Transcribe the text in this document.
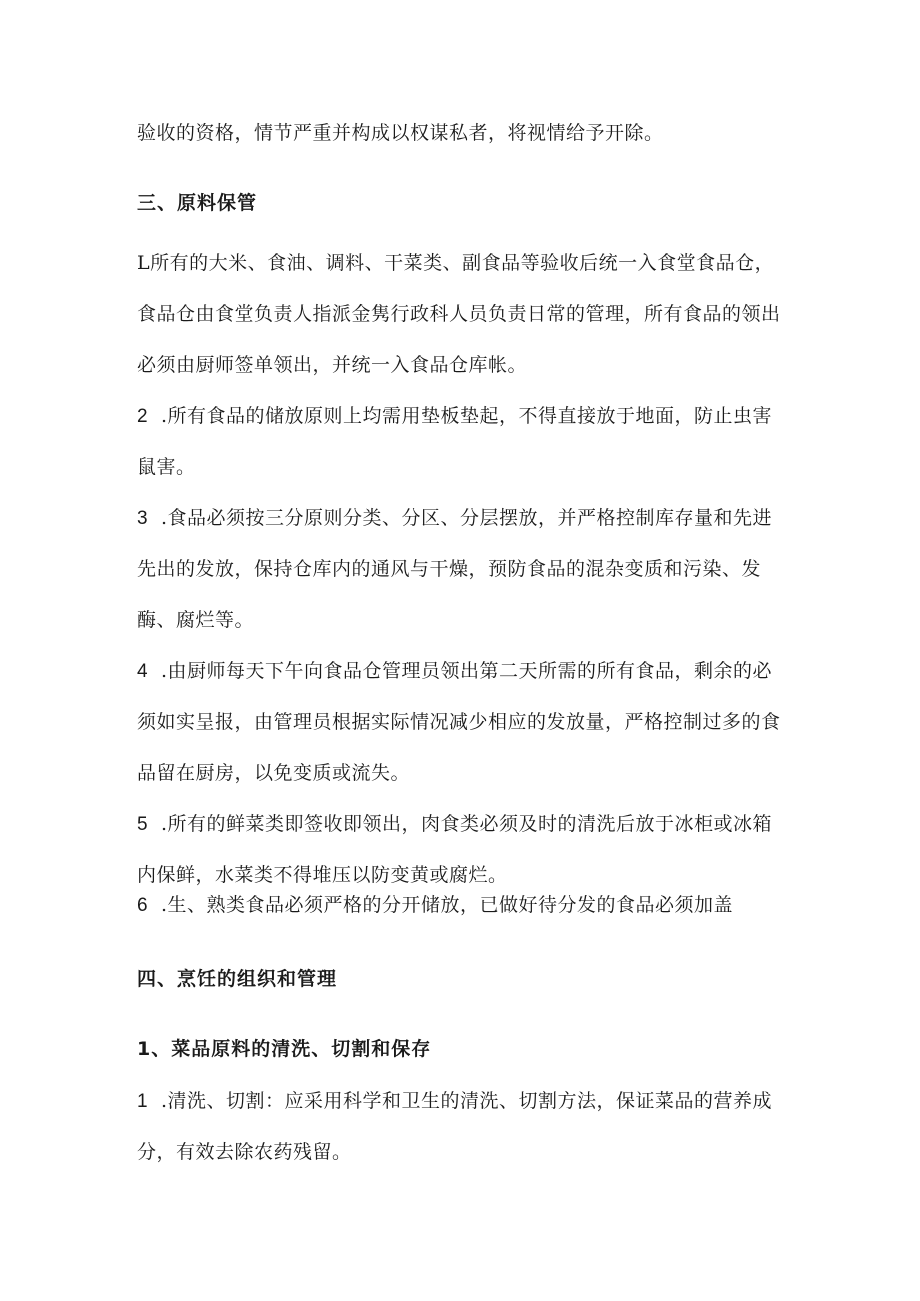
验收的资格，情节严重并构成以权谋私者，将视情给予开除。
三、原料保管
L所有的大米、食油、调料、干菜类、副食品等验收后统一入食堂食品仓，食品仓由食堂负责人指派金隽行政科人员负责日常的管理，所有食品的领出必须由厨师签单领出，并统一入食品仓库帐。
2 .所有食品的储放原则上均需用垫板垫起，不得直接放于地面，防止虫害鼠害。
3 .食品必须按三分原则分类、分区、分层摆放，并严格控制库存量和先进先出的发放，保持仓库内的通风与干燥，预防食品的混杂变质和污染、发酶、腐烂等。
4 .由厨师每天下午向食品仓管理员领出第二天所需的所有食品，剩余的必须如实呈报，由管理员根据实际情况减少相应的发放量，严格控制过多的食品留在厨房，以免变质或流失。
5 .所有的鲜菜类即签收即领出，肉食类必须及时的清洗后放于冰柜或冰箱内保鲜，水菜类不得堆压以防变黄或腐烂。
6 .生、熟类食品必须严格的分开储放，已做好待分发的食品必须加盖
四、烹饪的组织和管理
1、菜品原料的清洗、切割和保存
1 .清洗、切割：应采用科学和卫生的清洗、切割方法，保证菜品的营养成分，有效去除农药残留。
